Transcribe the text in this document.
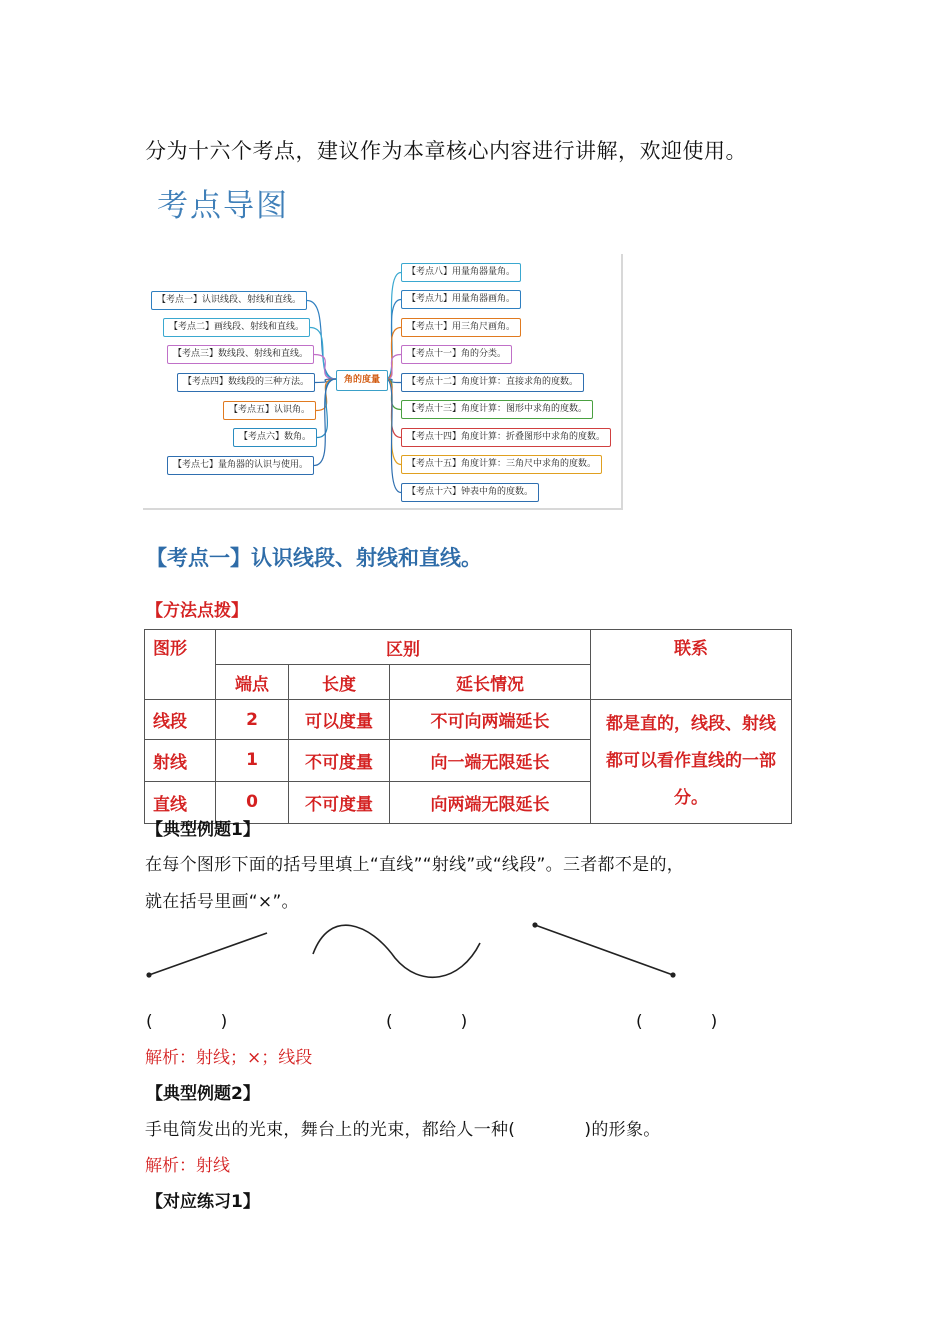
分为十六个考点，建议作为本章核心内容进行讲解，欢迎使用。
考点导图
角的度量
【考点一】认识线段、射线和直线。
【考点二】画线段、射线和直线。
【考点三】数线段、射线和直线。
【考点四】数线段的三种方法。
【考点五】认识角。
【考点六】数角。
【考点七】量角器的认识与使用。
【考点八】用量角器量角。
【考点九】用量角器画角。
【考点十】用三角尺画角。
【考点十一】角的分类。
【考点十二】角度计算：直接求角的度数。
【考点十三】角度计算：图形中求角的度数。
【考点十四】角度计算：折叠图形中求角的度数。
【考点十五】角度计算：三角尺中求角的度数。
【考点十六】钟表中角的度数。
【考点一】认识线段、射线和直线。
【方法点拨】
图形	区别			联系
	端点	长度	延长情况	
线段	2	可以度量	不可向两端延长	都是直的，线段、射线都可以看作直线的一部分。
射线	1	不可度量	向一端无限延长	
直线	0	不可度量	向两端无限延长	
【典型例题1】
在每个图形下面的括号里填上“直线”“射线”或“线段”。三者都不是的，
就在括号里画“×”。
(　　　　)	(　　　　)	(　　　　)
解析：射线；×；线段
【典型例题2】
手电筒发出的光束，舞台上的光束，都给人一种(　　　　)的形象。
解析：射线
【对应练习1】
